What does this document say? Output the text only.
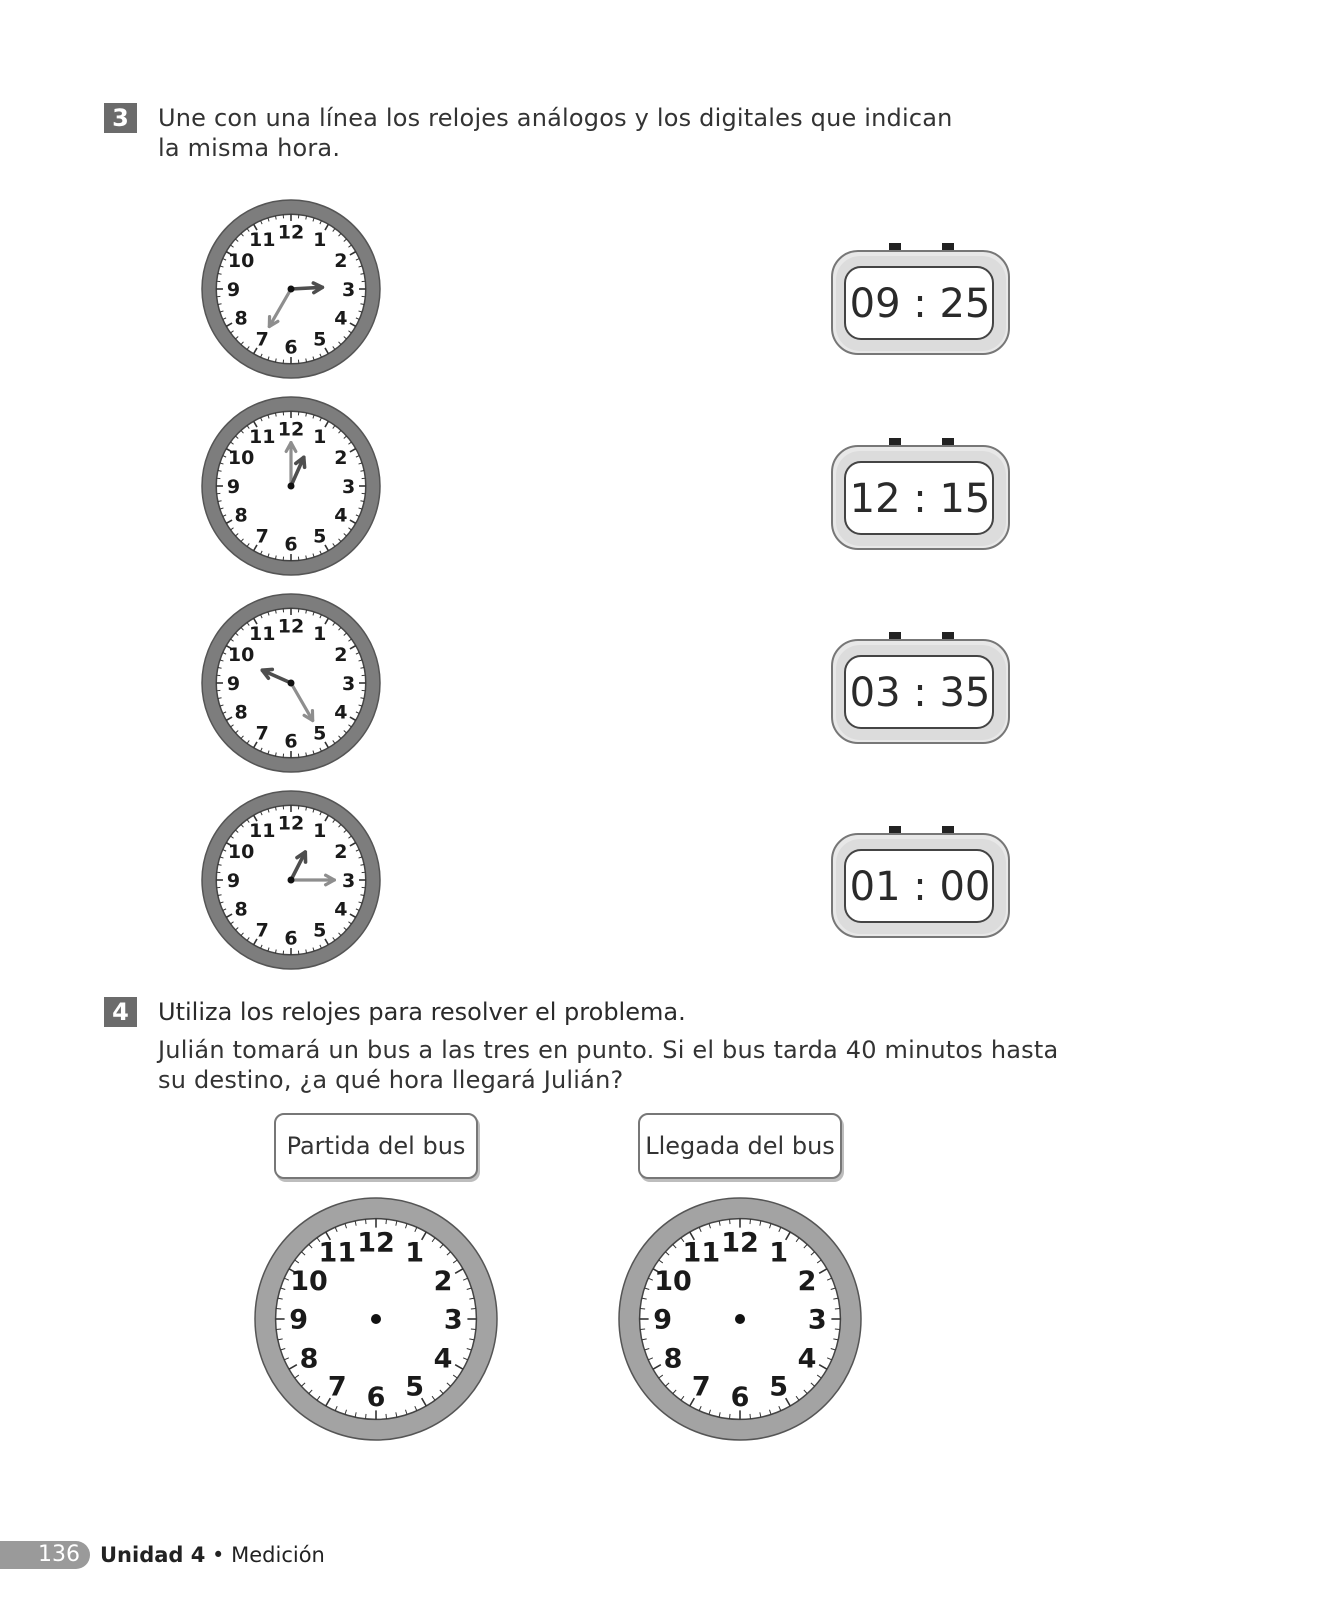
3	Une con una línea los relojes análogos y los digitales que indican
la misma hora.
12 1
2
3
4
5
6
7
8
9
10
11
12 1
2
3
4
5
6
7
8
9
10
11
12 1
2
3
4
5
6
7
8
9
10
11
12 1
2
3
4
5
6
7
8
9
10
11
09 : 25
12 : 15
03 : 35
01 : 00
4	Utiliza los relojes para resolver el problema.
Julián tomará un bus a las tres en punto. Si el bus tarda 40 minutos hasta
su destino, ¿a qué hora llegará Julián?
Partida del bus	Llegada del bus
12 1
2
3
4
5
6
7
8
9
10
11	12 1
2
3
4
5
6
7
8
9
10
11
136 Unidad 4 • Medición
